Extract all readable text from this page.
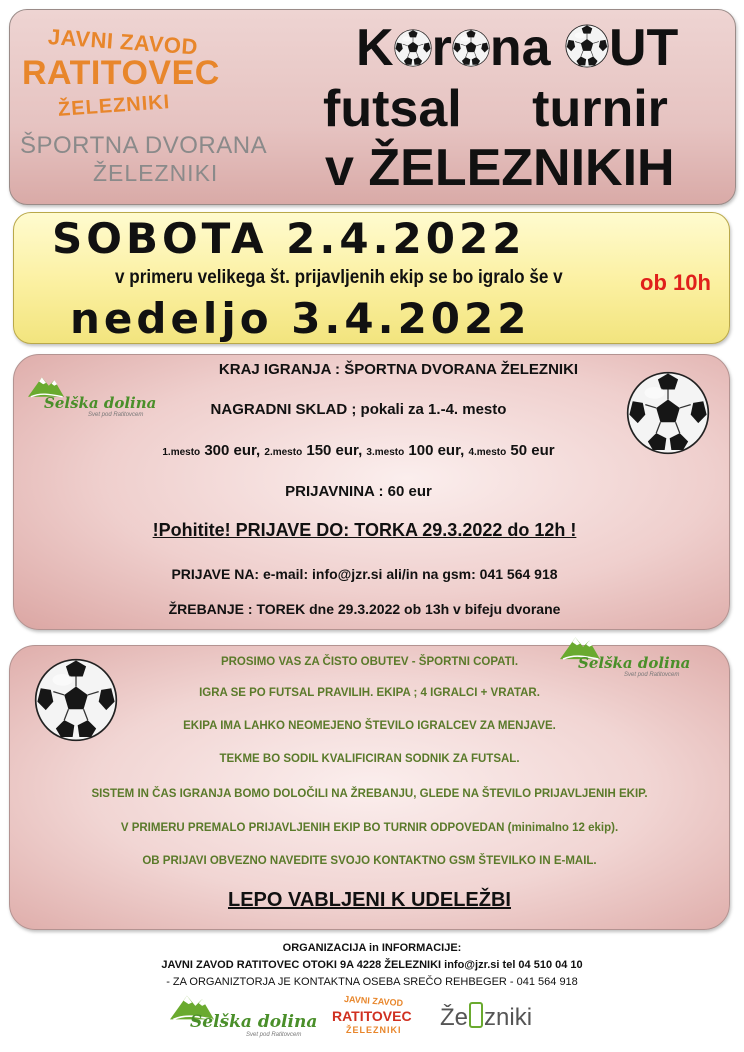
JAVNI ZAVOD
RATITOVEC
ŽELEZNIKI
ŠPORTNA DVORANA
ŽELEZNIKI
K r na UT
futsal turnir
v ŽELEZNIKIH
SOBOTA 2.4.2022
v primeru velikega št. prijavljenih ekip se bo igralo še v	ob 10h
nedeljo 3.4.2022
Selška dolina
Svet pod Ratitovcem
KRAJ IGRANJA : ŠPORTNA DVORANA ŽELEZNIKI
NAGRADNI SKLAD ; pokali za 1.-4. mesto
1.mesto 300 eur, 2.mesto 150 eur, 3.mesto 100 eur, 4.mesto 50 eur
PRIJAVNINA : 60 eur
!Pohitite! PRIJAVE DO: TORKA 29.3.2022 do 12h !
PRIJAVE NA: e-mail: info@jzr.si ali/in na gsm: 041 564 918
ŽREBANJE : TOREK dne 29.3.2022 ob 13h v bifeju dvorane
Selška dolina
Svet pod Ratitovcem
PROSIMO VAS ZA ČISTO OBUTEV - ŠPORTNI COPATI.
IGRA SE PO FUTSAL PRAVILIH. EKIPA ; 4 IGRALCI + VRATAR.
EKIPA IMA LAHKO NEOMEJENO ŠTEVILO IGRALCEV ZA MENJAVE.
TEKME BO SODIL KVALIFICIRAN SODNIK ZA FUTSAL.
SISTEM IN ČAS IGRANJA BOMO DOLOČILI NA ŽREBANJU, GLEDE NA ŠTEVILO PRIJAVLJENIH EKIP.
V PRIMERU PREMALO PRIJAVLJENIH EKIP BO TURNIR ODPOVEDAN (minimalno 12 ekip).
OB PRIJAVI OBVEZNO NAVEDITE SVOJO KONTAKTNO GSM ŠTEVILKO IN E-MAIL.
LEPO VABLJENI K UDELEŽBI
ORGANIZACIJA in INFORMACIJE:
JAVNI ZAVOD RATITOVEC OTOKI 9A 4228 ŽELEZNIKI info@jzr.si tel 04 510 04 10
- ZA ORGANIZTORJA JE KONTAKTNA OSEBA SREČO REHBEGER - 041 564 918
Selška dolina
Svet pod Ratitovcem
JAVNI ZAVOD
RATITOVEC
ŽELEZNIKI Že zniki
